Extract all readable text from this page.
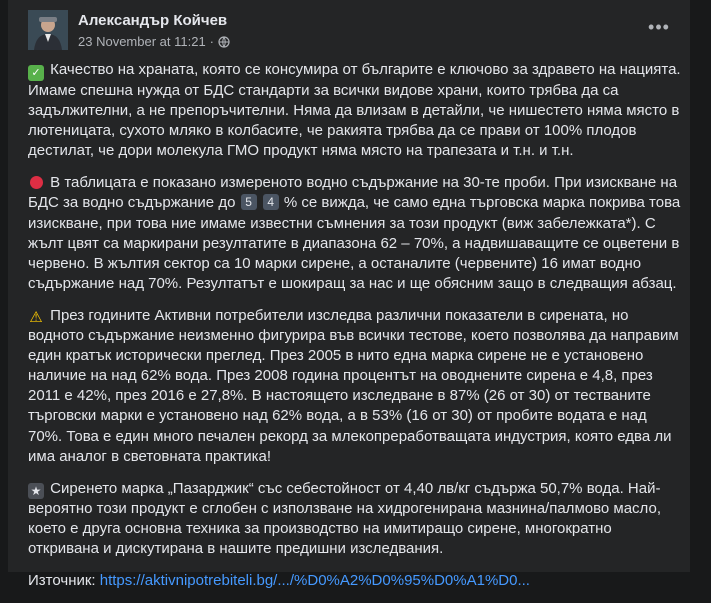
Александър Койчев
23 November at 11:21 ·
•••

✓ Качество на храната, която се консумира от българите е ключово за здравето на нацията. Имаме спешна нужда от БДС стандарти за всички видове храни, които трябва да са задължителни, а не препоръчителни. Няма да влизам в детайли, че нишестето няма място в лютеницата, сухото мляко в колбасите, че ракията трябва да се прави от 100% плодов дестилат, че дори молекула ГМО продукт няма място на трапезата и т.н. и т.н.

В таблицата е показано измереното водно съдържание на 30-те проби. При изискване на БДС за водно съдържание до 5 4 % се вижда, че само една търговска марка покрива това изискване, при това ние имаме известни съмнения за този продукт (виж забележката*). С жълт цвят са маркирани резултатите в диапазона 62 – 70%, а надвишаващите се оцветени в червено. В жълтия сектор са 10 марки сирене, а останалите (червените) 16 имат водно съдържание над 70%. Резултатът е шокиращ за нас и ще обясним защо в следващия абзац.

⚠ През годините Активни потребители изследва различни показатели в сиренатa, но водното съдържание неизменно фигурира във всички тестове, което позволява да направим един кратък исторически преглед. През 2005 в нито една марка сирене не е установено наличие на над 62% вода. През 2008 година процентът на оводнените сирена е 4,8, през 2011 е 42%, през 2016 е 27,8%. В настоящето изследване в 87% (26 от 30) от тестваните търговски марки е установено над 62% вода, а в 53% (16 от 30) от пробите водата е над 70%. Това е един много печален рекорд за млекопреработващата индустрия, която едва ли има аналог в световната практика!

★ Сиренето марка „Пазарджик“ със себестойност от 4,40 лв/кг съдържа 50,7% вода. Най-вероятно този продукт е сглобен с използване на хидрогенирана мазнина/палмово масло, което е друга основна техника за производство на имитиращо сирене, многократно откривана и дискутирана в нашите предишни изследвания.

Източник: https://aktivnipotrebiteli.bg/.../%D0%A2%D0%95%D0%A1%D0...
